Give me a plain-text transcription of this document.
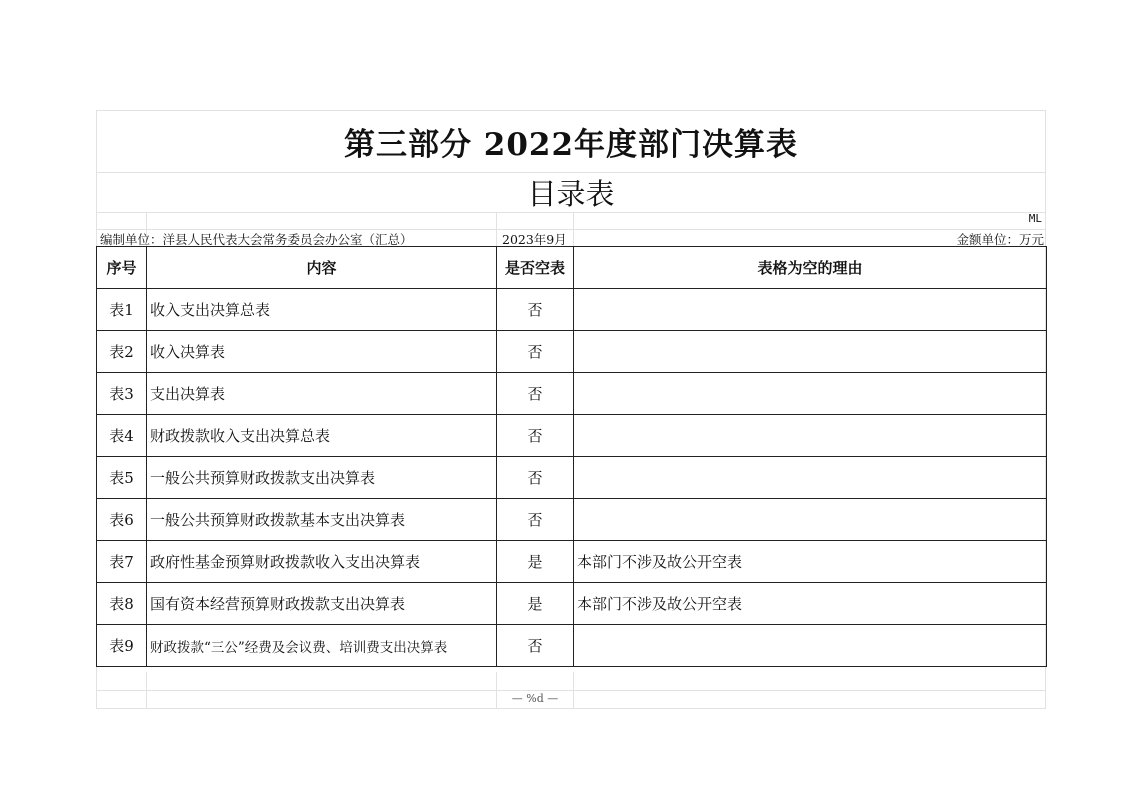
第三部分 2022年度部门决算表
目录表
ML
编制单位：洋县人民代表大会常务委员会办公室（汇总）	2023年9月	金额单位：万元
序号	内容	是否空表	表格为空的理由
表1	收入支出决算总表	否	
表2	收入决算表	否	
表3	支出决算表	否	
表4	财政拨款收入支出决算总表	否	
表5	一般公共预算财政拨款支出决算表	否	
表6	一般公共预算财政拨款基本支出决算表	否	
表7	政府性基金预算财政拨款收入支出决算表	是	本部门不涉及故公开空表
表8	国有资本经营预算财政拨款支出决算表	是	本部门不涉及故公开空表
表9	财政拨款“三公”经费及会议费、培训费支出决算表	否	
— %d —
